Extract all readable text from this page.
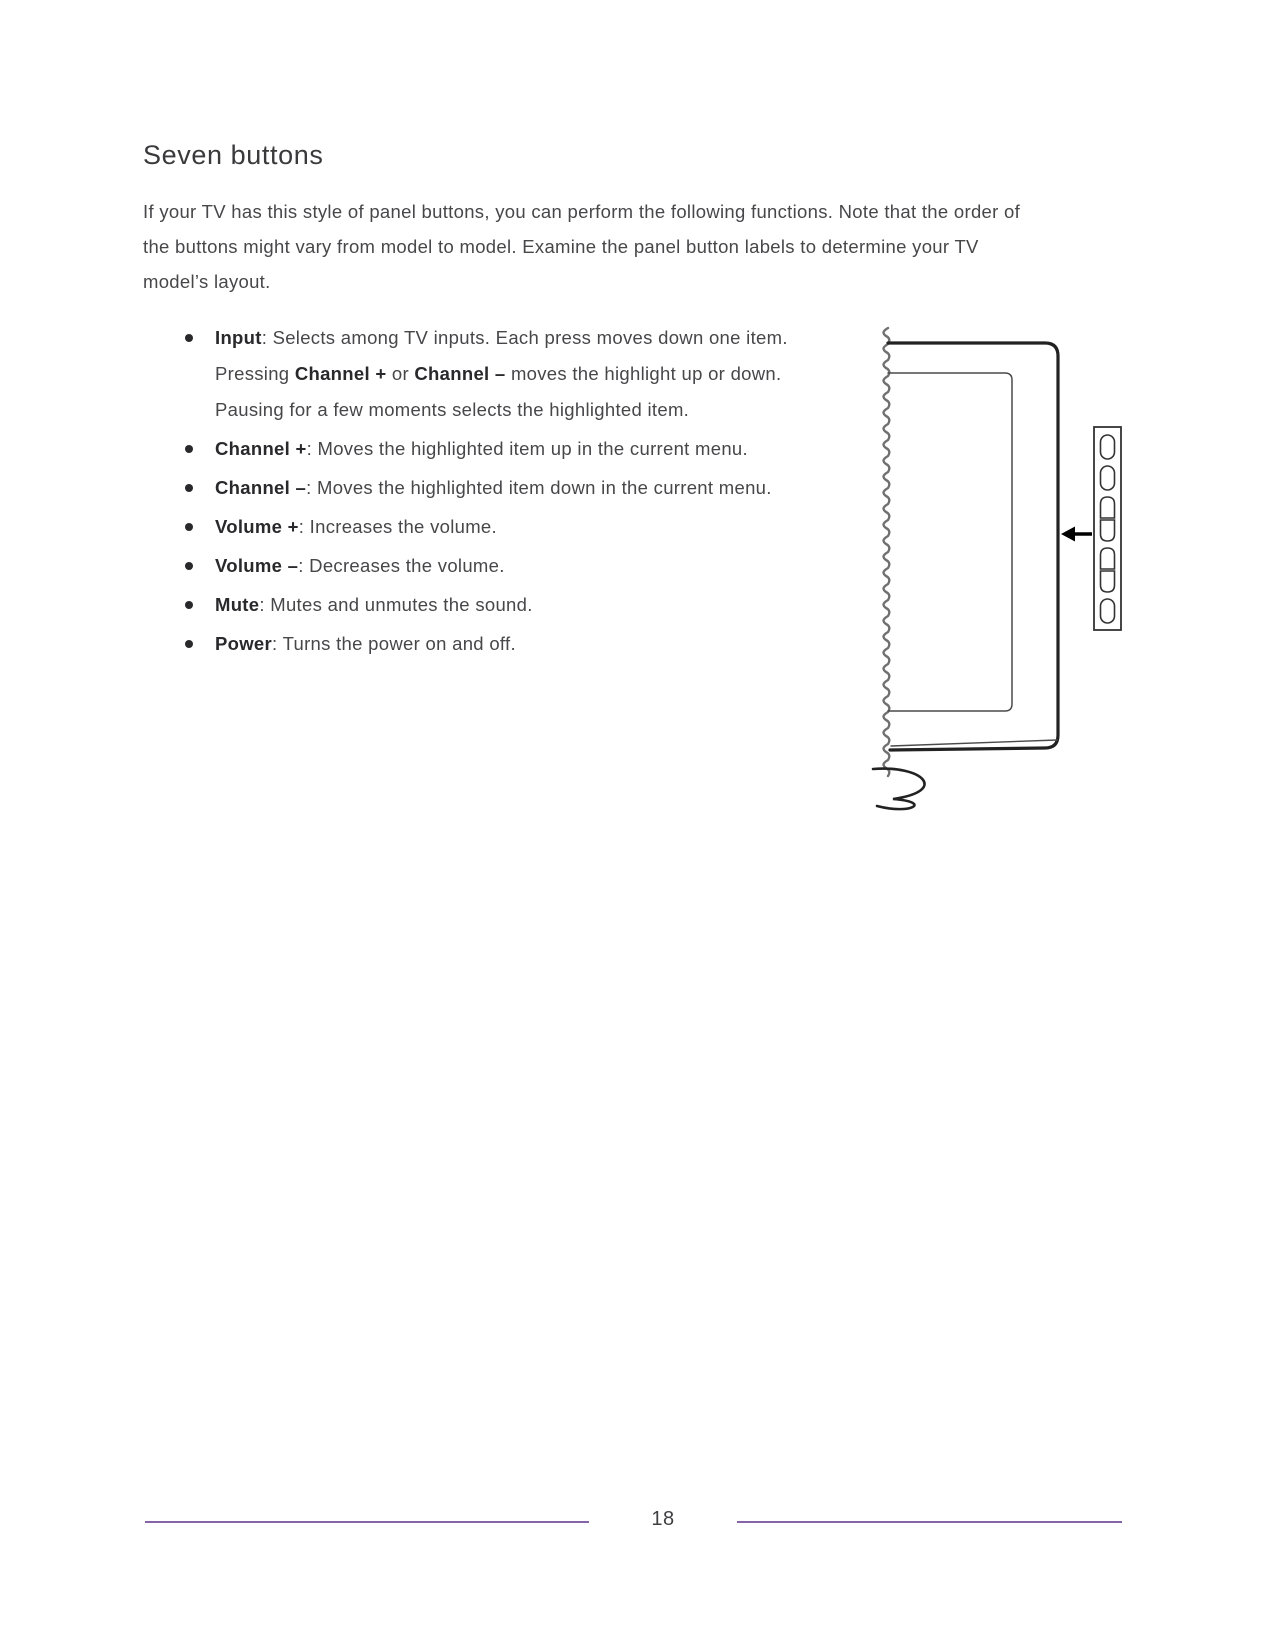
Seven buttons

If your TV has this style of panel buttons, you can perform the following functions. Note that the order of the buttons might vary from model to model. Examine the panel button labels to determine your TV model’s layout.

Input: Selects among TV inputs. Each press moves down one item. Pressing Channel + or Channel – moves the highlight up or down. Pausing for a few moments selects the highlighted item.
Channel +: Moves the highlighted item up in the current menu.
Channel –: Moves the highlighted item down in the current menu.
Volume +: Increases the volume.
Volume –: Decreases the volume.
Mute: Mutes and unmutes the sound.
Power: Turns the power on and off.
18
